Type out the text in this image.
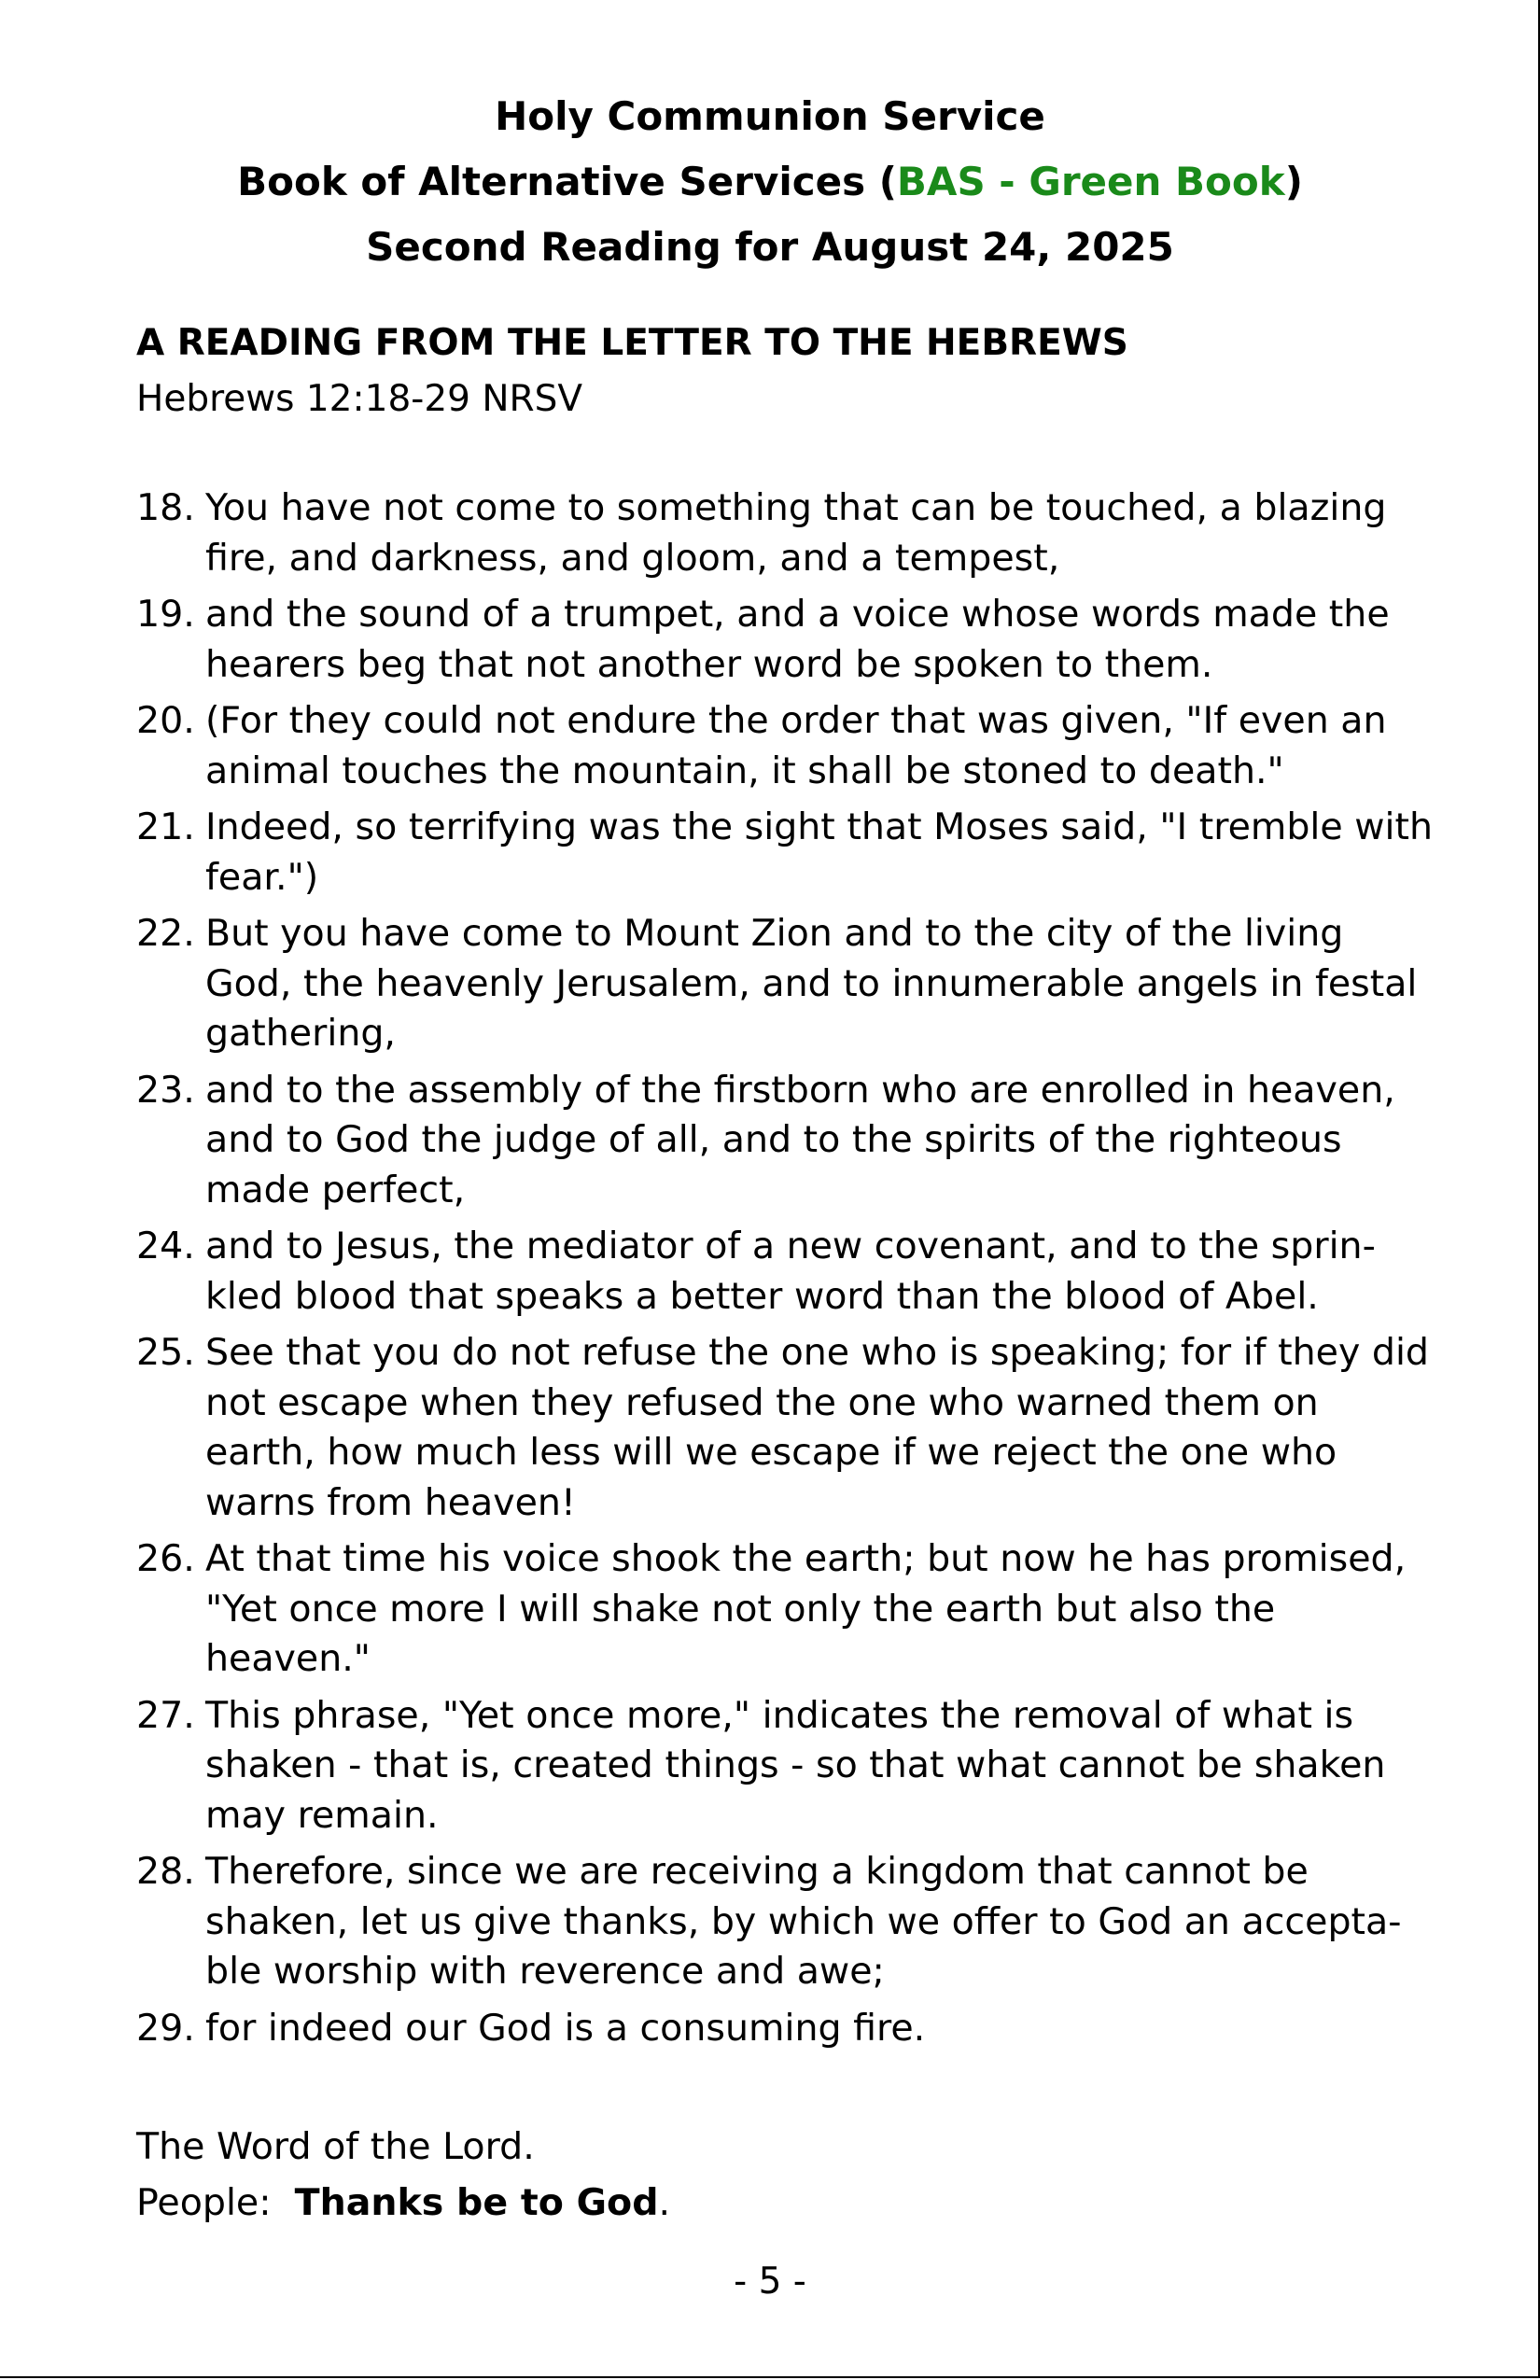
Holy Communion Service
Book of Alternative Services (BAS - Green Book)
Second Reading for August 24, 2025
A READING FROM THE LETTER TO THE HEBREWS
Hebrews 12:18-29 NRSV
18. You have not come to something that can be touched, a blazing fire, and darkness, and gloom, and a tempest,
19. and the sound of a trumpet, and a voice whose words made the hearers beg that not another word be spoken to them.
20. (For they could not endure the order that was given, "If even an animal touches the mountain, it shall be stoned to death."
21. Indeed, so terrifying was the sight that Moses said, "I tremble with fear.")
22. But you have come to Mount Zion and to the city of the living God, the heavenly Jerusalem, and to innumerable angels in festal gathering,
23. and to the assembly of the firstborn who are enrolled in heaven, and to God the judge of all, and to the spirits of the righteous made perfect,
24. and to Jesus, the mediator of a new covenant, and to the sprinkled blood that speaks a better word than the blood of Abel.
25. See that you do not refuse the one who is speaking; for if they did not escape when they refused the one who warned them on earth, how much less will we escape if we reject the one who warns from heaven!
26. At that time his voice shook the earth; but now he has promised, "Yet once more I will shake not only the earth but also the heaven."
27. This phrase, "Yet once more," indicates the removal of what is shaken - that is, created things - so that what cannot be shaken may remain.
28. Therefore, since we are receiving a kingdom that cannot be shaken, let us give thanks, by which we offer to God an acceptable worship with reverence and awe;
29. for indeed our God is a consuming fire.
The Word of the Lord.
People: Thanks be to God.
- 5 -
